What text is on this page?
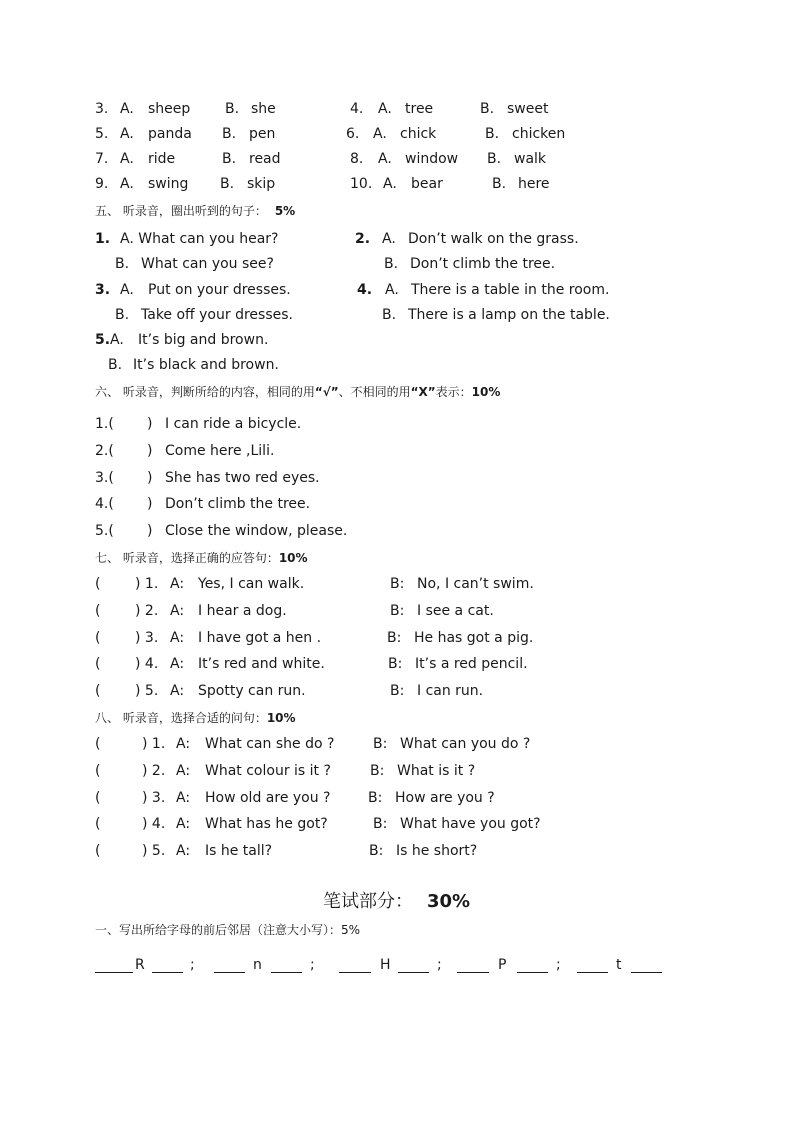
3. A. sheep B. she	4. A. tree	B. sweet
5. A. panda B. pen	6. A. chick	B. chicken
7. A. ride	B. read	8. A. window B. walk
9. A. swing B. skip	10. A. bear	B. here
1. A. What can you hear?	2. A. Don’t walk on the grass.
B. What can you see?	B. Don’t climb the tree.
3. A. Put on your dresses.	4. A. There is a table in the room.
B. Take off your dresses.	B. There is a lamp on the table.
5. A. It’s big and brown.
B. It’s black and brown.
1.( ) I can ride a bicycle.
2.( ) Come here ,Lili.
3.( ) She has two red eyes.
4.( ) Don’t climb the tree.
5.( ) Close the window, please.
( ) 1. A: Yes, I can walk.	B: No, I can’t swim.
( ) 2. A: I hear a dog.	B: I see a cat.
( ) 3. A: I have got a hen .	B: He has got a pig.
( ) 4. A: It’s red and white.	B: It’s a red pencil.
( ) 5. A: Spotty can run.	B: I can run.
(	) 1. A: What can she do ?	B: What can you do ?
(	) 2. A: What colour is it ?	B: What is it ?
(	) 3. A: How old are you ?	B: How are you ?
(	) 4. A: What has he got?	B: What have you got?
(	) 5. A: Is he tall?	B: Is he short?
五、 听录音，圈出听到的句子： 5%
六、 听录音，判断所给的内容，相同的用“√”、不相同的用“X”表示：10%
七、 听录音，选择正确的应答句：10%
八、 听录音，选择合适的问句：10%
笔试部分： 30%
一、写出所给字母的前后邻居（注意大小写）：5%
R	;	n	;	H	;	P	;	t
